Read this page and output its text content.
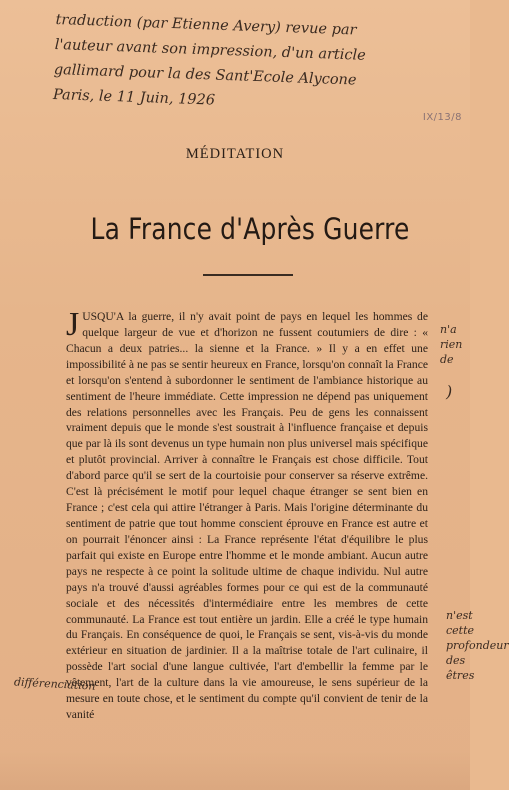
traduction (par Etienne Avery) revue par
l'auteur avant son impression, d'un article
gallimard pour la des Sant'Ecole Alycone
Paris, le 11 Juin, 1926
IX/13/8
MÉDITATION
La France d'Après Guerre

JUSQU'A la guerre, il n'y avait point de pays en lequel les hommes de quelque largeur de vue et d'horizon ne fussent coutumiers de dire : « Chacun a deux patries... la sienne et la France. » Il y a en effet une impossibilité à ne pas se sentir heureux en France, lorsqu'on connaît la France et lorsqu'on s'entend à subordonner le sentiment de l'ambiance historique au sentiment de l'heure immédiate. Cette impression ne dépend pas uniquement des relations personnelles avec les Français. Peu de gens les connaissent vraiment depuis que le monde s'est soustrait à l'influence française et depuis que par là ils sont devenus un type humain non plus universel mais spécifique et plutôt provincial. Arriver à connaître le Français est chose difficile. Tout d'abord parce qu'il se sert de la courtoisie pour conserver sa réserve extrême. C'est là précisément le motif pour lequel chaque étranger se sent bien en France ; c'est cela qui attire l'étranger à Paris. Mais l'origine déterminante du sentiment de patrie que tout homme conscient éprouve en France est autre et on pourrait l'énoncer ainsi : La France représente l'état d'équilibre le plus parfait qui existe en Europe entre l'homme et le monde ambiant. Aucun autre pays ne respecte à ce point la solitude ultime de chaque individu. Nul autre pays n'a trouvé d'aussi agréables formes pour ce qui est de la communauté sociale et des nécessités d'intermédiaire entre les membres de cette communauté. La France est tout entière un jardin. Elle a créé le type humain du Français. En conséquence de quoi, le Français se sent, vis-à-vis du monde extérieur en situation de jardinier. Il a la maîtrise totale de l'art culinaire, il possède l'art social d'une langue cultivée, l'art d'embellir la femme par le vêtement, l'art de la culture dans la vie amoureuse, le sens supérieur de la mesure en toute chose, et le sentiment du compte qu'il convient de tenir de la vanité

n'a rien de
)
n'est cette profondeur des êtres
différenciation
